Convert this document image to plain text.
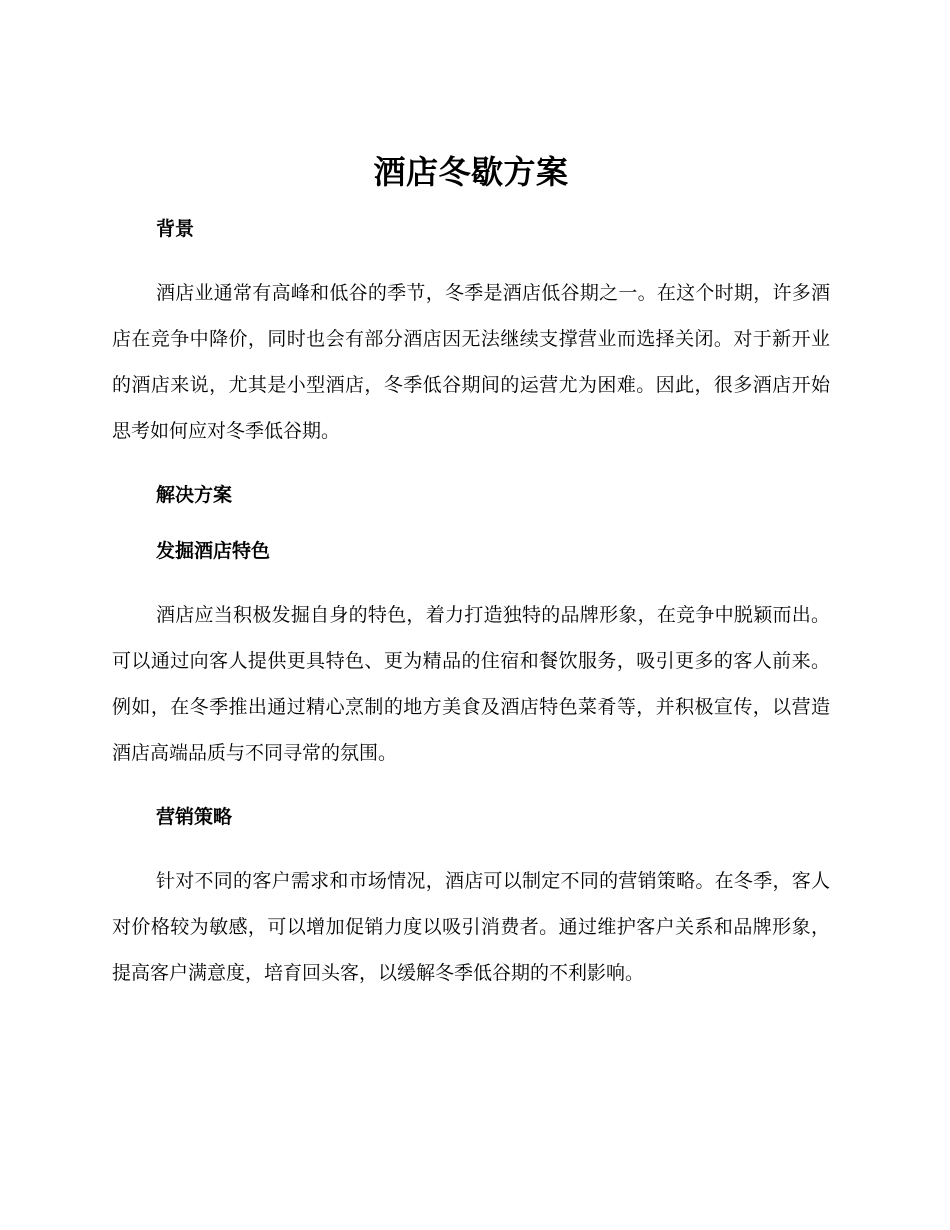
酒店冬歇方案
背景

酒店业通常有高峰和低谷的季节，冬季是酒店低谷期之一。在这个时期，许多酒店在竞争中降价，同时也会有部分酒店因无法继续支撑营业而选择关闭。对于新开业的酒店来说，尤其是小型酒店，冬季低谷期间的运营尤为困难。因此，很多酒店开始思考如何应对冬季低谷期。

解决方案
发掘酒店特色

酒店应当积极发掘自身的特色，着力打造独特的品牌形象，在竞争中脱颖而出。可以通过向客人提供更具特色、更为精品的住宿和餐饮服务，吸引更多的客人前来。例如，在冬季推出通过精心烹制的地方美食及酒店特色菜肴等，并积极宣传，以营造酒店高端品质与不同寻常的氛围。

营销策略

针对不同的客户需求和市场情况，酒店可以制定不同的营销策略。在冬季，客人对价格较为敏感，可以增加促销力度以吸引消费者。通过维护客户关系和品牌形象，提高客户满意度，培育回头客，以缓解冬季低谷期的不利影响。
